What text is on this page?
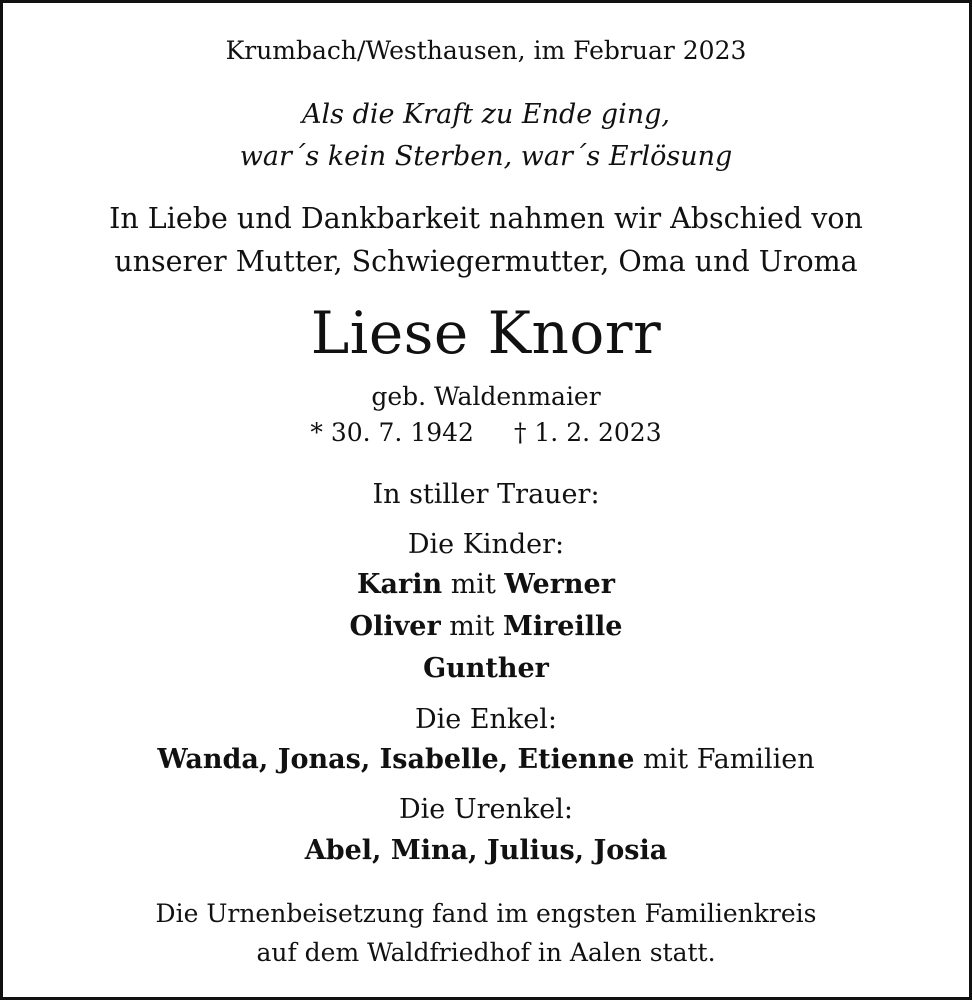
Krumbach/Westhausen, im Februar 2023
Als die Kraft zu Ende ging,
war´s kein Sterben, war´s Erlösung
In Liebe und Dankbarkeit nahmen wir Abschied von
unserer Mutter, Schwiegermutter, Oma und Uroma
Liese Knorr
geb. Waldenmaier
* 30. 7. 1942 † 1. 2. 2023
In stiller Trauer:
Die Kinder:
Karin mit Werner
Oliver mit Mireille
Gunther
Die Enkel:
Wanda, Jonas, Isabelle, Etienne mit Familien
Die Urenkel:
Abel, Mina, Julius, Josia
Die Urnenbeisetzung fand im engsten Familienkreis
auf dem Waldfriedhof in Aalen statt.
